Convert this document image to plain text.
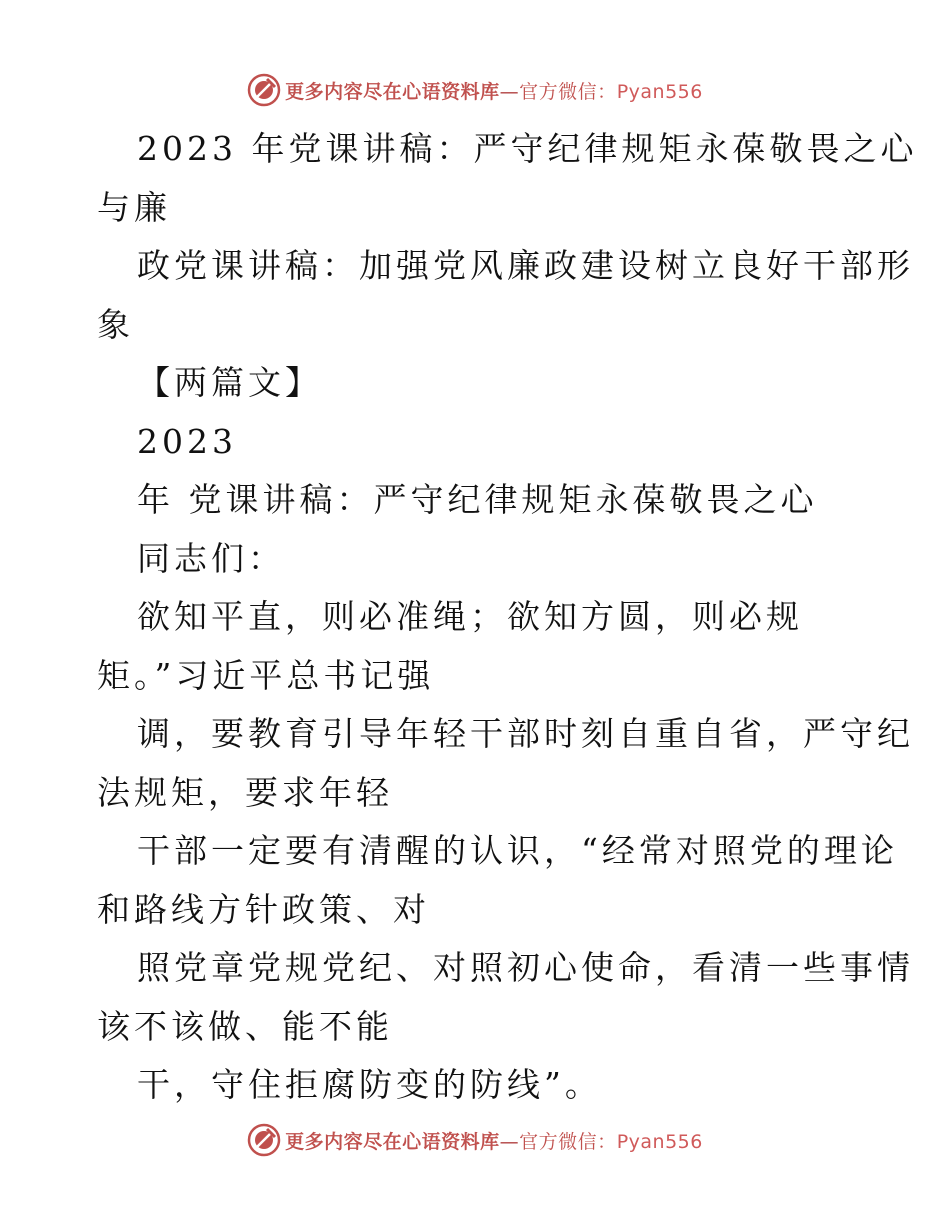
更多内容尽在心语资料库—官方微信：Pyan556
2023 年党课讲稿：严守纪律规矩永葆敬畏之心
与廉
政党课讲稿：加强党风廉政建设树立良好干部形
象
【两篇文】
2023
年 党课讲稿：严守纪律规矩永葆敬畏之心
同志们：
欲知平直，则必准绳；欲知方圆，则必规
矩。”习近平总书记强
调，要教育引导年轻干部时刻自重自省，严守纪
法规矩，要求年轻
干部一定要有清醒的认识，“经常对照党的理论
和路线方针政策、对
照党章党规党纪、对照初心使命，看清一些事情
该不该做、能不能
干，守住拒腐防变的防线”。
更多内容尽在心语资料库—官方微信：Pyan556
